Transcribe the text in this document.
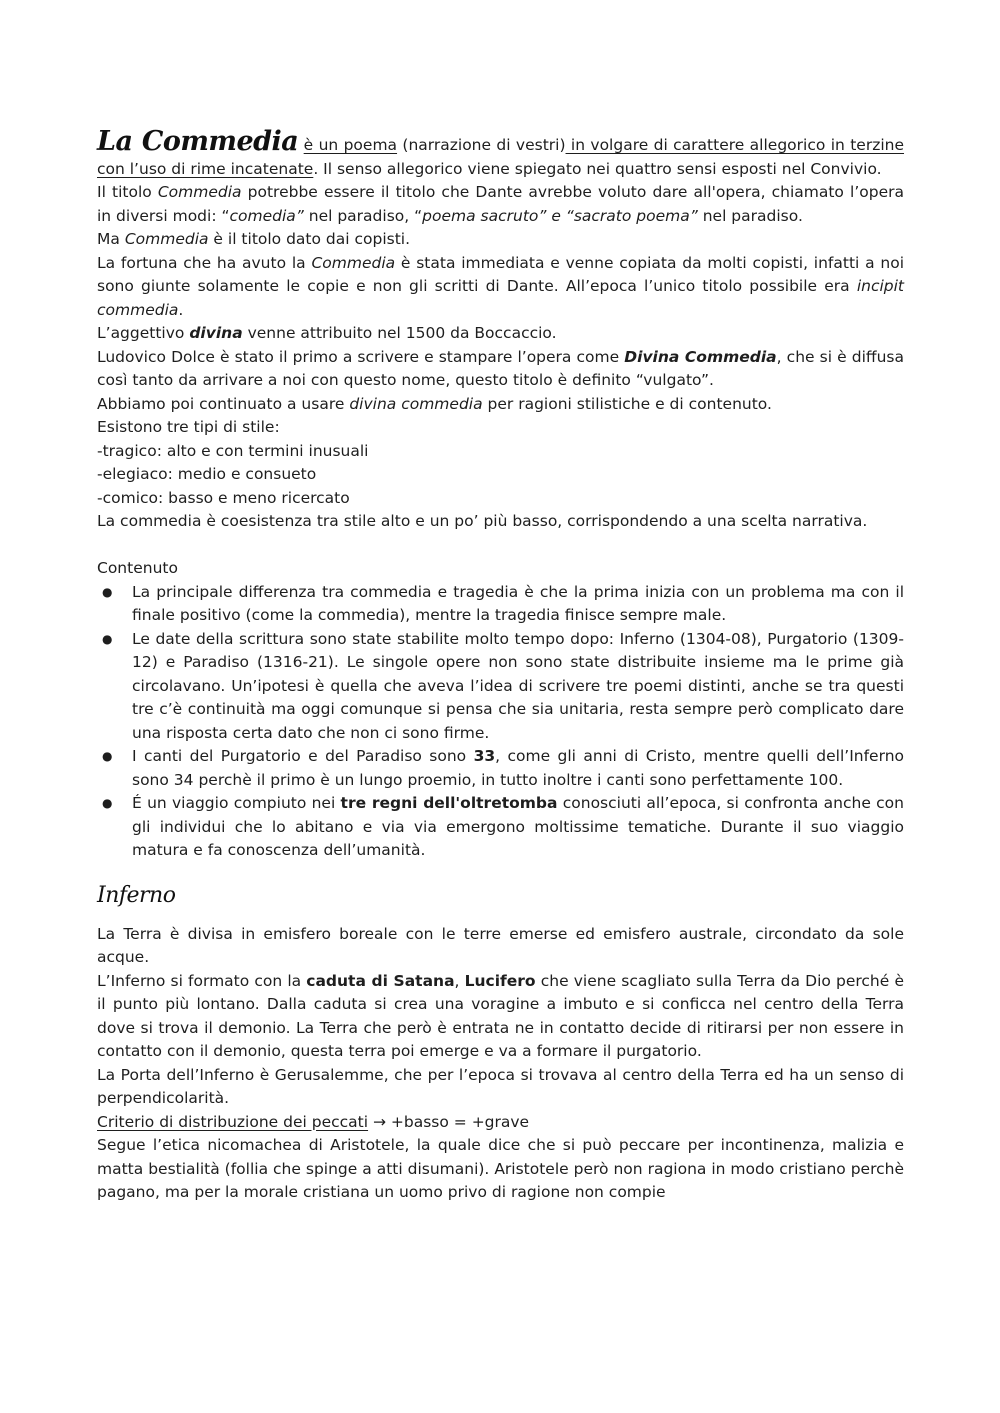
La Commedia è un poema (narrazione di vestri) in volgare di carattere allegorico in terzine con l’uso di rime incatenate. Il senso allegorico viene spiegato nei quattro sensi esposti nel Convivio.

Il titolo Commedia potrebbe essere il titolo che Dante avrebbe voluto dare all'opera, chiamato l’opera in diversi modi: “comedia” nel paradiso, “poema sacruto” e “sacrato poema” nel paradiso.

Ma Commedia è il titolo dato dai copisti.

La fortuna che ha avuto la Commedia è stata immediata e venne copiata da molti copisti, infatti a noi sono giunte solamente le copie e non gli scritti di Dante. All’epoca l’unico titolo possibile era incipit commedia.

L’aggettivo divina venne attribuito nel 1500 da Boccaccio.

Ludovico Dolce è stato il primo a scrivere e stampare l’opera come Divina Commedia, che si è diffusa così tanto da arrivare a noi con questo nome, questo titolo è definito “vulgato”.

Abbiamo poi continuato a usare divina commedia per ragioni stilistiche e di contenuto.

Esistono tre tipi di stile:

-tragico: alto e con termini inusuali

-elegiaco: medio e consueto

-comico: basso e meno ricercato

La commedia è coesistenza tra stile alto e un po’ più basso, corrispondendo a una scelta narrativa.

Contenuto

● La principale differenza tra commedia e tragedia è che la prima inizia con un problema ma con il finale positivo (come la commedia), mentre la tragedia finisce sempre male.
● Le date della scrittura sono state stabilite molto tempo dopo: Inferno (1304-08), Purgatorio (1309-12) e Paradiso (1316-21). Le singole opere non sono state distribuite insieme ma le prime già circolavano. Un’ipotesi è quella che aveva l’idea di scrivere tre poemi distinti, anche se tra questi tre c’è continuità ma oggi comunque si pensa che sia unitaria, resta sempre però complicato dare una risposta certa dato che non ci sono firme.
● I canti del Purgatorio e del Paradiso sono 33, come gli anni di Cristo, mentre quelli dell’Inferno sono 34 perchè il primo è un lungo proemio, in tutto inoltre i canti sono perfettamente 100.
● É un viaggio compiuto nei tre regni dell'oltretomba conosciuti all’epoca, si confronta anche con gli individui che lo abitano e via via emergono moltissime tematiche. Durante il suo viaggio matura e fa conoscenza dell’umanità.

Inferno

La Terra è divisa in emisfero boreale con le terre emerse ed emisfero australe, circondato da sole acque.

L’Inferno si formato con la caduta di Satana, Lucifero che viene scagliato sulla Terra da Dio perché è il punto più lontano. Dalla caduta si crea una voragine a imbuto e si conficca nel centro della Terra dove si trova il demonio. La Terra che però è entrata ne in contatto decide di ritirarsi per non essere in contatto con il demonio, questa terra poi emerge e va a formare il purgatorio.

La Porta dell’Inferno è Gerusalemme, che per l’epoca si trovava al centro della Terra ed ha un senso di perpendicolarità.

Criterio di distribuzione dei peccati → +basso = +grave

Segue l’etica nicomachea di Aristotele, la quale dice che si può peccare per incontinenza, malizia e matta bestialità (follia che spinge a atti disumani). Aristotele però non ragiona in modo cristiano perchè pagano, ma per la morale cristiana un uomo privo di ragione non compie
